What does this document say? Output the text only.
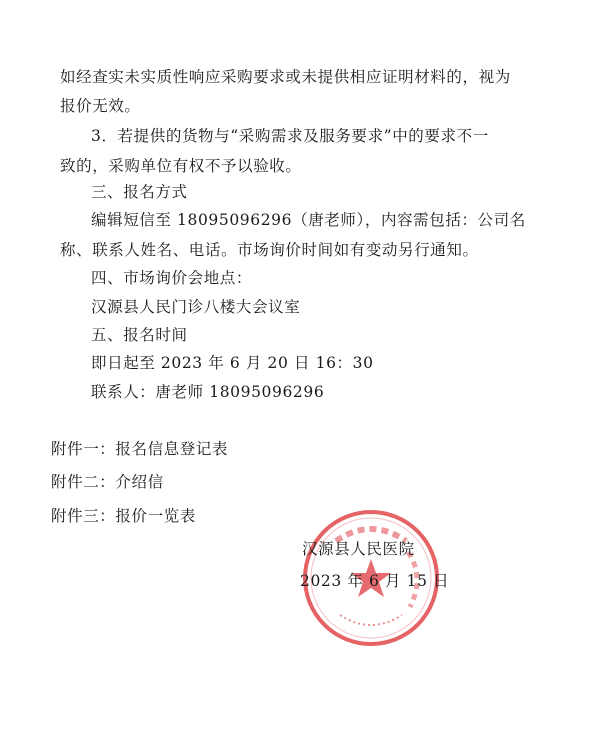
如经查实未实质性响应采购要求或未提供相应证明材料的，视为
报价无效。
3．若提供的货物与“采购需求及服务要求”中的要求不一
致的，采购单位有权不予以验收。
三、报名方式
编辑短信至 18095096296（唐老师），内容需包括：公司名
称、联系人姓名、电话。市场询价时间如有变动另行通知。
四、市场询价会地点：
汉源县人民门诊八楼大会议室
五、报名时间
即日起至 2023 年 6 月 20 日 16：30
联系人：唐老师 18095096296
附件一：报名信息登记表
附件二：介绍信
附件三：报价一览表
汉源县人民医院
2023 年 6 月 15 日
